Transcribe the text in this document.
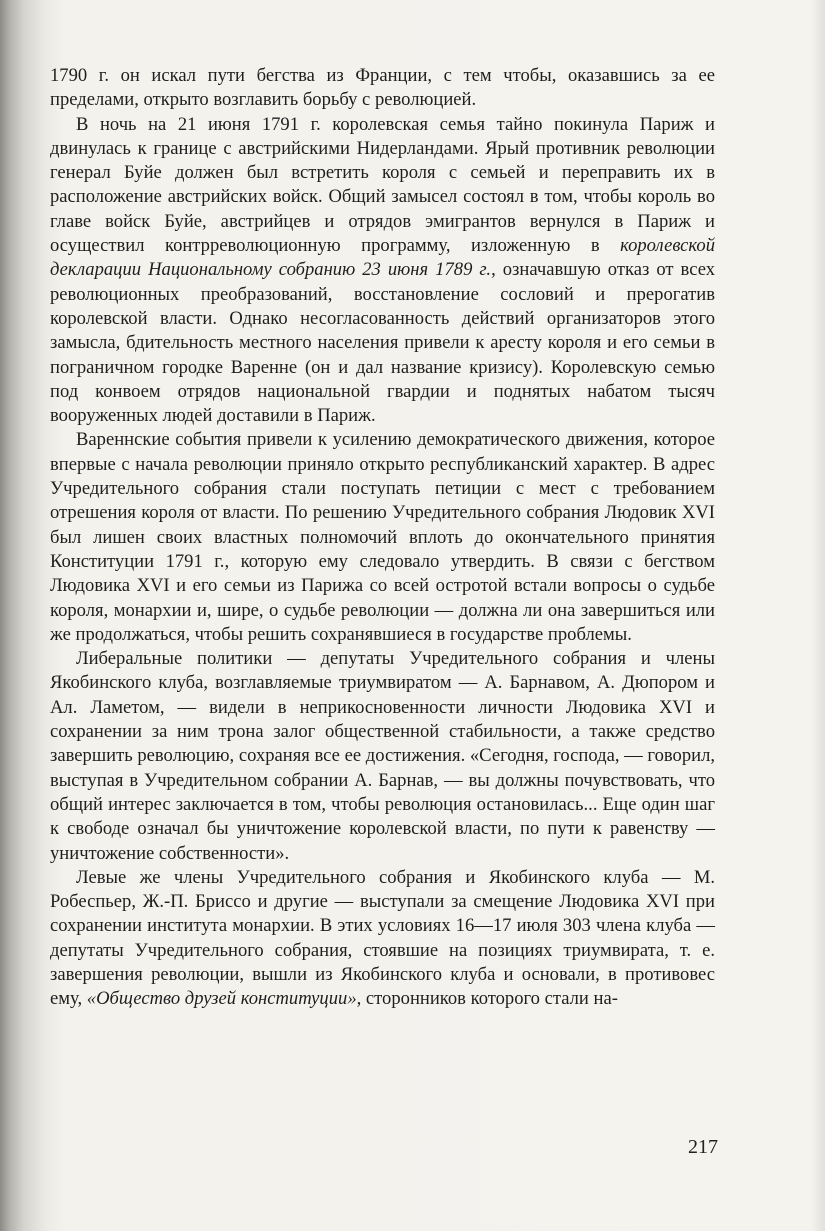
1790 г. он искал пути бегства из Франции, с тем чтобы, оказавшись за ее пределами, открыто возглавить борьбу с революцией.

В ночь на 21 июня 1791 г. королевская семья тайно покинула Париж и двинулась к границе с австрийскими Нидерландами. Ярый противник революции генерал Буйе должен был встретить короля с семьей и переправить их в расположение австрийских войск. Общий замысел состоял в том, чтобы король во главе войск Буйе, австрийцев и отрядов эмигрантов вернулся в Париж и осуществил контрреволюционную программу, изложенную в королевской декларации Национальному собранию 23 июня 1789 г., означавшую отказ от всех революционных преобразований, восстановление сословий и прерогатив королевской власти. Однако несогласованность действий организаторов этого замысла, бдительность местного населения привели к аресту короля и его семьи в пограничном городке Варенне (он и дал название кризису). Королевскую семью под конвоем отрядов национальной гвардии и поднятых набатом тысяч вооруженных людей доставили в Париж.

Вареннские события привели к усилению демократического движения, которое впервые с начала революции приняло открыто республиканский характер. В адрес Учредительного собрания стали поступать петиции с мест с требованием отрешения короля от власти. По решению Учредительного собрания Людовик XVI был лишен своих властных полномочий вплоть до окончательного принятия Конституции 1791 г., которую ему следовало утвердить. В связи с бегством Людовика XVI и его семьи из Парижа со всей остротой встали вопросы о судьбе короля, монархии и, шире, о судьбе революции — должна ли она завершиться или же продолжаться, чтобы решить сохранявшиеся в государстве проблемы.

Либеральные политики — депутаты Учредительного собрания и члены Якобинского клуба, возглавляемые триумвиратом — А. Барнавом, А. Дюпором и Ал. Ламетом, — видели в неприкосновенности личности Людовика XVI и сохранении за ним трона залог общественной стабильности, а также средство завершить революцию, сохраняя все ее достижения. «Сегодня, господа, — говорил, выступая в Учредительном собрании А. Барнав, — вы должны почувствовать, что общий интерес заключается в том, чтобы революция остановилась... Еще один шаг к свободе означал бы уничтожение королевской власти, по пути к равенству — уничтожение собственности».

Левые же члены Учредительного собрания и Якобинского клуба — М. Робеспьер, Ж.-П. Бриссо и другие — выступали за смещение Людовика XVI при сохранении института монархии. В этих условиях 16—17 июля 303 члена клуба — депутаты Учредительного собрания, стоявшие на позициях триумвирата, т. е. завершения революции, вышли из Якобинского клуба и основали, в противовес ему, «Общество друзей конституции», сторонников которого стали на-

217
